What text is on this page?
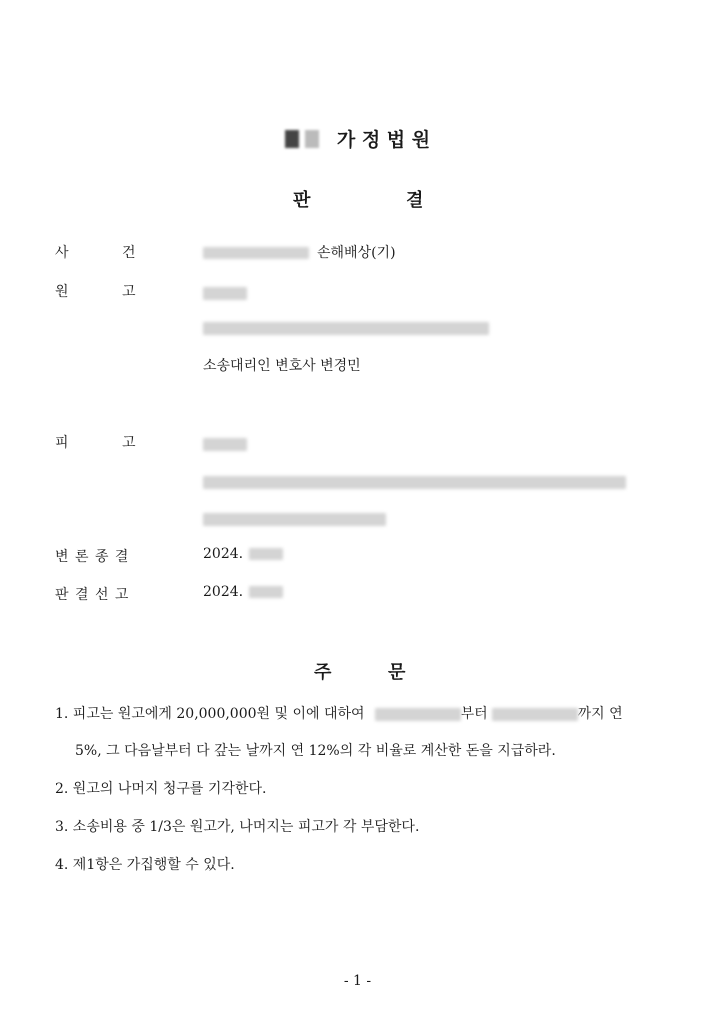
가 정 법 원
판	결
사	건	손해배상(기)
원	고
소송대리인 변호사 변경민
피	고
변 론 종 결	2024.
판 결 선 고	2024.
주	문
1. 피고는 원고에게 20,000,000원 및 이에 대하여	부터	까지 연
5%, 그 다음날부터 다 갚는 날까지 연 12%의 각 비율로 계산한 돈을 지급하라.
2. 원고의 나머지 청구를 기각한다.
3. 소송비용 중 1/3은 원고가, 나머지는 피고가 각 부담한다.
4. 제1항은 가집행할 수 있다.
- 1 -
